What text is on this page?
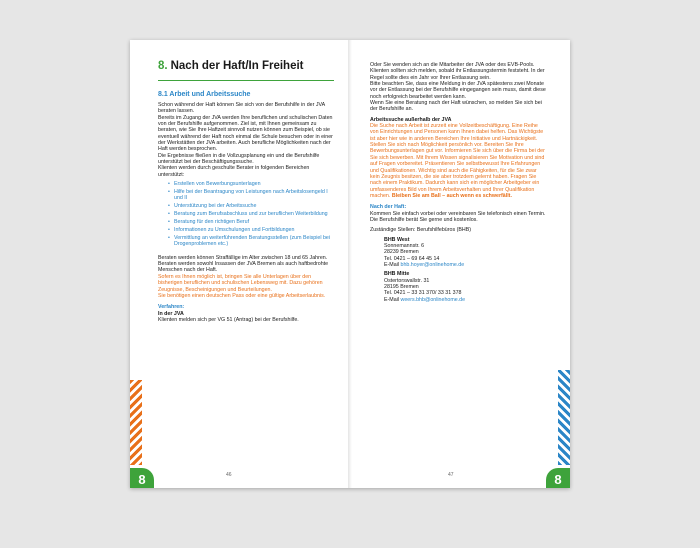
8. Nach der Haft/In Freiheit

8.1 Arbeit und Arbeitssuche

Schon während der Haft können Sie sich von der Berufshilfe in der JVA beraten lassen.

Bereits im Zugang der JVA werden Ihre beruflichen und schulischen Daten von der Berufshilfe aufgenommen. Ziel ist, mit Ihnen gemeinsam zu beraten, wie Sie Ihre Haftzeit sinnvoll nutzen können zum Beispiel, ob sie eventuell während der Haft noch einmal die Schule besuchen oder in einer der Werkstätten der JVA arbeiten. Auch berufliche Möglichkeiten nach der Haft werden besprochen.

Die Ergebnisse fließen in die Vollzugsplanung ein und die Berufshilfe unterstützt bei der Beschäftigungssuche.

Klienten werden durch geschulte Berater in folgenden Bereichen unterstützt:

• Erstellen von Bewerbungsunterlagen
• Hilfe bei der Beantragung von Leistungen nach Arbeitslosengeld I und II
• Unterstützung bei der Arbeitssuche
• Beratung zum Berufsabschluss und zur beruflichen Weiterbildung
• Beratung für den richtigen Beruf
• Informationen zu Umschulungen und Fortbildungen
• Vermittlung an weiterführenden Beratungsstellen (zum Beispiel bei Drogenproblemen etc.)

Beraten werden können Straffällige im Alter zwischen 18 und 65 Jahren.

Beraten werden sowohl Insassen der JVA Bremen als auch haftbedrohte Menschen nach der Haft.

Sofern es Ihnen möglich ist, bringen Sie alle Unterlagen über den bisherigen beruflichen und schulischen Lebensweg mit. Dazu gehören Zeugnisse, Bescheinigungen und Beurteilungen.

Sie benötigen einen deutschen Pass oder eine gültige Arbeitserlaubnis.

Verfahren:

In der JVA

Klienten melden sich per VG 51 (Antrag) bei der Berufshilfe.

8	46

Oder Sie wenden sich an die Mitarbeiter der JVA oder des EVB-Pools.

Klienten sollten sich melden, sobald ihr Entlassungstermin feststeht. In der Regel sollte dies ein Jahr vor Ihrer Entlassung sein.

Bitte beachten Sie, dass eine Meldung in der JVA spätestens zwei Monate vor der Entlassung bei der Berufshilfe eingegangen sein muss, damit diese noch erfolgreich bearbeitet werden kann.

Wenn Sie eine Beratung nach der Haft wünschen, so melden Sie sich bei der Berufshilfe an.

Arbeitssuche außerhalb der JVA

Die Suche nach Arbeit ist zurzeit eine Vollzeitbeschäftigung. Eine Reihe von Einrichtungen und Personen kann Ihnen dabei helfen. Das Wichtigste ist aber hier wie in anderen Bereichen Ihre Initiative und Hartnäckigkeit. Stellen Sie sich nach Möglichkeit persönlich vor. Bereiten Sie Ihre Bewerbungsunterlagen gut vor. Informieren Sie sich über die Firma bei der Sie sich bewerben. Mit Ihrem Wissen signalisieren Sie Motivation und sind auf Fragen vorbereitet. Präsentieren Sie selbstbewusst Ihre Erfahrungen und Qualifikationen. Wichtig sind auch die Fähigkeiten, für die Sie zwar kein Zeugnis besitzen, die sie aber trotzdem gelernt haben. Fragen Sie nach einem Praktikum. Dadurch kann sich ein möglicher Arbeitgeber ein umfassenderes Bild von Ihrem Arbeitsverhalten und Ihrer Qualifikation machen. Bleiben Sie am Ball – auch wenn es schwerfällt.

Nach der Haft:

Kommen Sie einfach vorbei oder vereinbaren Sie telefonisch einen Termin. Die Berufshilfe berät Sie gerne und kostenlos.

Zuständige Stellen: Berufshilfebüros (BHB)

BHB West

Sonnemannstr. 6

28239 Bremen

Tel. 0421 – 69 64 45 14

E-Mail bhb.hoyer@onlinehome.de

BHB Mitte

Ostertorswallstr. 31

28195 Bremen

Tel. 0421 – 33 31 370/ 33 31 378

E-Mail weers.bhb@onlinehome.de

8
47
